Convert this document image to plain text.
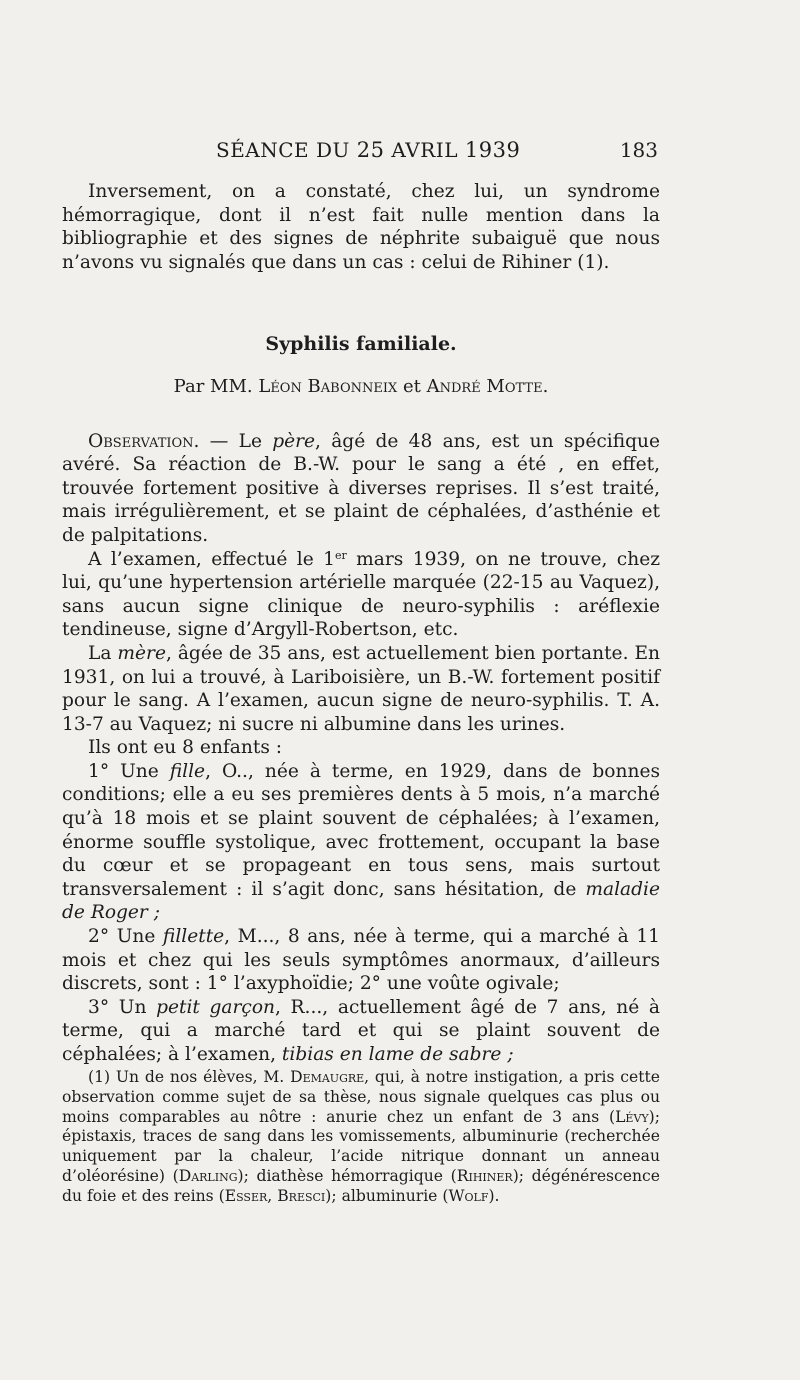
SÉANCE DU 25 AVRIL 1939	183

Inversement, on a constaté, chez lui, un syndrome hémorragique, dont il n’est fait nulle mention dans la bibliographie et des signes de néphrite subaiguë que nous n’avons vu signalés que dans un cas : celui de Rihiner (1).

Syphilis familiale.

Par MM. Léon Babonneix et André Motte.

Observation. — Le père, âgé de 48 ans, est un spécifique avéré. Sa réaction de B.-W. pour le sang a été , en effet, trouvée fortement positive à diverses reprises. Il s’est traité, mais irrégulièrement, et se plaint de céphalées, d’asthénie et de palpitations.

A l’examen, effectué le 1er mars 1939, on ne trouve, chez lui, qu’une hypertension artérielle marquée (22-15 au Vaquez), sans aucun signe clinique de neuro-syphilis : aréflexie tendineuse, signe d’Argyll-Robertson, etc.

La mère, âgée de 35 ans, est actuellement bien portante. En 1931, on lui a trouvé, à Lariboisière, un B.-W. fortement positif pour le sang. A l’examen, aucun signe de neuro-syphilis. T. A. 13-7 au Vaquez; ni sucre ni albumine dans les urines.

Ils ont eu 8 enfants :

1° Une fille, O.., née à terme, en 1929, dans de bonnes conditions; elle a eu ses premières dents à 5 mois, n’a marché qu’à 18 mois et se plaint souvent de céphalées; à l’examen, énorme souffle systolique, avec frottement, occupant la base du cœur et se propageant en tous sens, mais surtout transversalement : il s’agit donc, sans hésitation, de maladie de Roger ;

2° Une fillette, M..., 8 ans, née à terme, qui a marché à 11 mois et chez qui les seuls symptômes anormaux, d’ailleurs discrets, sont : 1° l’axyphoïdie; 2° une voûte ogivale;

3° Un petit garçon, R..., actuellement âgé de 7 ans, né à terme, qui a marché tard et qui se plaint souvent de céphalées; à l’examen, tibias en lame de sabre ;

(1) Un de nos élèves, M. Demaugre, qui, à notre instigation, a pris cette observation comme sujet de sa thèse, nous signale quelques cas plus ou moins comparables au nôtre : anurie chez un enfant de 3 ans (Lévy); épistaxis, traces de sang dans les vomissements, albuminurie (recherchée uniquement par la chaleur, l’acide nitrique donnant un anneau d’oléorésine) (Darling); diathèse hémorragique (Rihiner); dégénérescence du foie et des reins (Esser, Bresci); albuminurie (Wolf).
